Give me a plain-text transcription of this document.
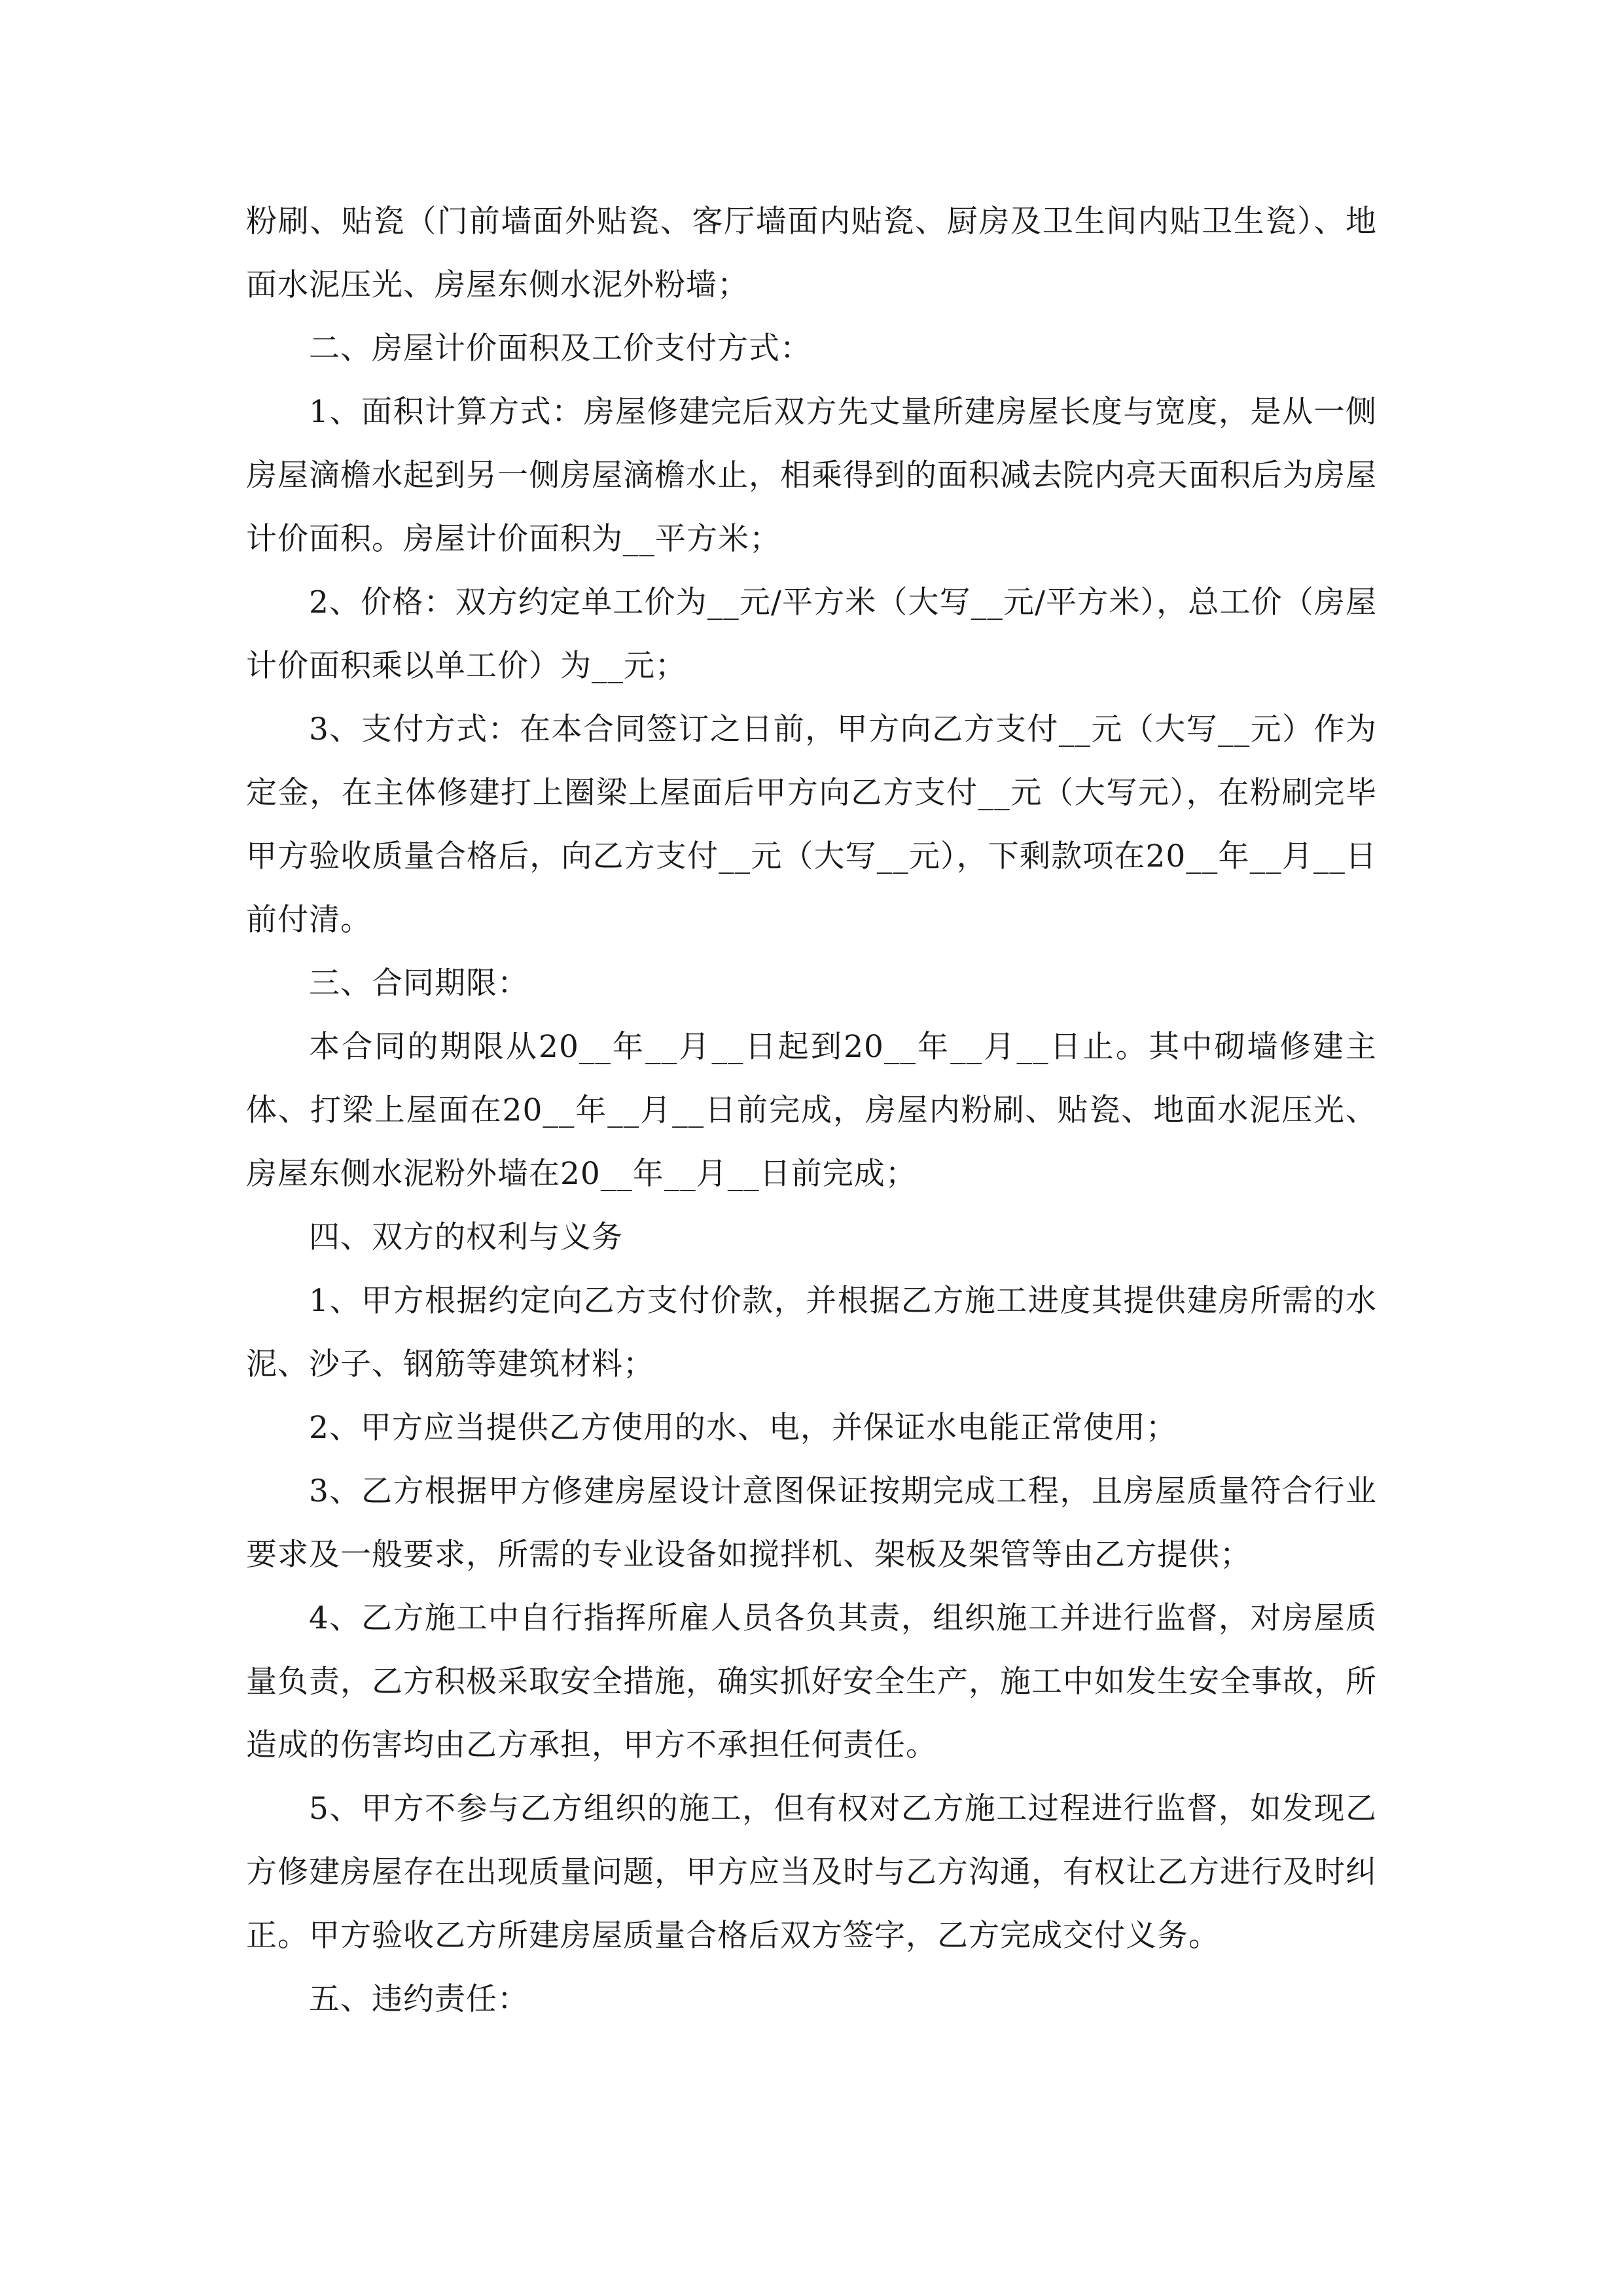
粉刷、贴瓷（门前墙面外贴瓷、客厅墙面内贴瓷、厨房及卫生间内贴卫生瓷）、地面水泥压光、房屋东侧水泥外粉墙；

二、房屋计价面积及工价支付方式：

1、面积计算方式：房屋修建完后双方先丈量所建房屋长度与宽度，是从一侧房屋滴檐水起到另一侧房屋滴檐水止，相乘得到的面积减去院内亮天面积后为房屋计价面积。房屋计价面积为__平方米；

2、价格：双方约定单工价为__元/平方米（大写__元/平方米），总工价（房屋计价面积乘以单工价）为__元；

3、支付方式：在本合同签订之日前，甲方向乙方支付__元（大写__元）作为定金，在主体修建打上圈梁上屋面后甲方向乙方支付__元（大写元），在粉刷完毕甲方验收质量合格后，向乙方支付__元（大写__元），下剩款项在20__年__月__日前付清。

三、合同期限：

本合同的期限从20__年__月__日起到20__年__月__日止。其中砌墙修建主体、打梁上屋面在20__年__月__日前完成，房屋内粉刷、贴瓷、地面水泥压光、房屋东侧水泥粉外墙在20__年__月__日前完成；

四、双方的权利与义务

1、甲方根据约定向乙方支付价款，并根据乙方施工进度其提供建房所需的水泥、沙子、钢筋等建筑材料；

2、甲方应当提供乙方使用的水、电，并保证水电能正常使用；

3、乙方根据甲方修建房屋设计意图保证按期完成工程，且房屋质量符合行业要求及一般要求，所需的专业设备如搅拌机、架板及架管等由乙方提供；

4、乙方施工中自行指挥所雇人员各负其责，组织施工并进行监督，对房屋质量负责，乙方积极采取安全措施，确实抓好安全生产，施工中如发生安全事故，所造成的伤害均由乙方承担，甲方不承担任何责任。

5、甲方不参与乙方组织的施工，但有权对乙方施工过程进行监督，如发现乙方修建房屋存在出现质量问题，甲方应当及时与乙方沟通，有权让乙方进行及时纠正。甲方验收乙方所建房屋质量合格后双方签字，乙方完成交付义务。

五、违约责任：
